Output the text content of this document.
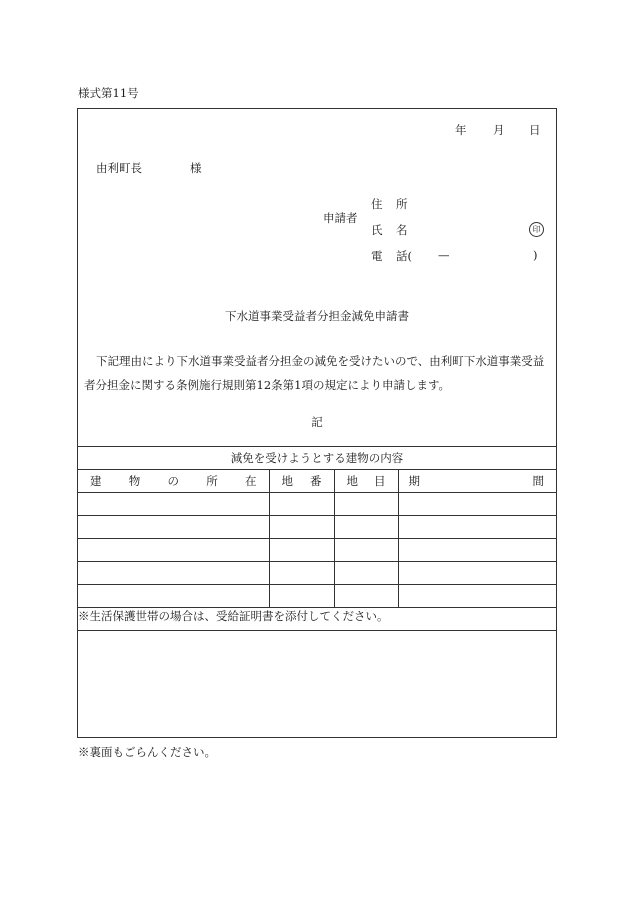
様式第11号
年 月 日
由利町長	様
申請者
住 所
氏 名	印
電 話( —	)
下水道事業受益者分担金減免申請書
下記理由により下水道事業受益者分担金の減免を受けたいので、由利町下水道事業受益者分担金に関する条例施行規則第12条第1項の規定により申請します。
記
減免を受けようとする建物の内容			

建 物 の 所 在	地 番	地 目	期 間

※生活保護世帯の場合は、受給証明書を添付してください。			
※裏面もごらんください。
